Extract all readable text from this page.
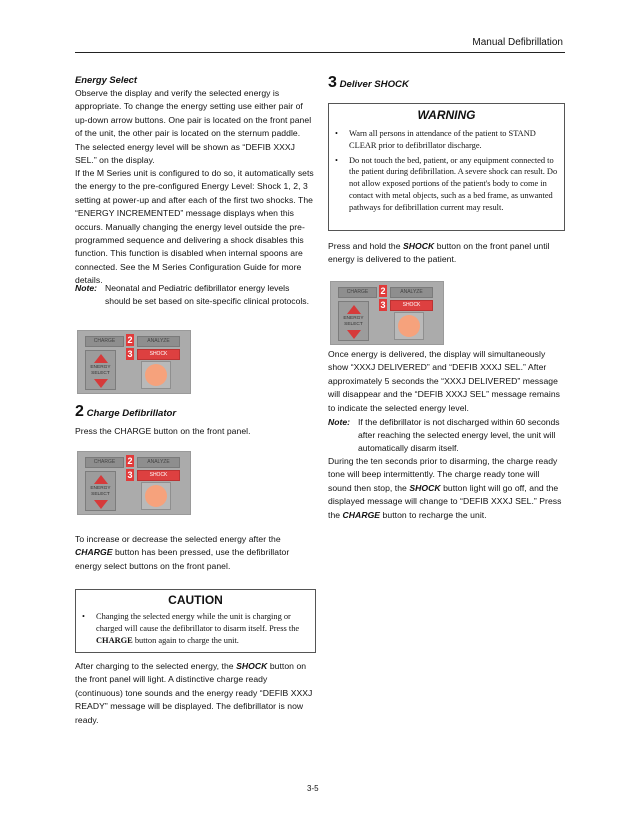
Manual Defibrillation
Energy Select

Observe the display and verify the selected energy is appropriate. To change the energy setting use either pair of up-down arrow buttons. One pair is located on the front panel of the unit, the other pair is located on the sternum paddle. The selected energy level will be shown as “DEFIB XXXJ SEL.” on the display.

If the M Series unit is configured to do so, it automatically sets the energy to the pre-configured Energy Level: Shock 1, 2, 3 setting at power-up and after each of the first two shocks. The “ENERGY INCREMENTED” message displays when this occurs. Manually changing the energy level outside the pre-programmed sequence and delivering a shock disables this function. This function is disabled when internal spoons are connected. See the M Series Configuration Guide for more details.

Note: Neonatal and Pediatric defibrillator energy levels should be set based on site-specific clinical protocols.
CHARGE	2	ANALYZE
3	SHOCK
ENERGY
SELECT
2 Charge Defibrillator

Press the CHARGE button on the front panel.

CHARGE	2	ANALYZE
3	SHOCK
ENERGY
SELECT

To increase or decrease the selected energy after the CHARGE button has been pressed, use the defibrillator energy select buttons on the front panel.

CAUTION
• Changing the selected energy while the unit is charging or charged will cause the defibrillator to disarm itself. Press the CHARGE button again to charge the unit.

After charging to the selected energy, the SHOCK button on the front panel will light. A distinctive charge ready (continuous) tone sounds and the energy ready “DEFIB XXXJ READY” message will be displayed. The defibrillator is now ready.

3 Deliver SHOCK
WARNING
• Warn all persons in attendance of the patient to STAND CLEAR prior to defibrillator discharge.
• Do not touch the bed, patient, or any equipment connected to the patient during defibrillation. A severe shock can result. Do not allow exposed portions of the patient's body to come in contact with metal objects, such as a bed frame, as unwanted pathways for defibrillation current may result.

Press and hold the SHOCK button on the front panel until energy is delivered to the patient.

CHARGE	2	ANALYZE
3	SHOCK
ENERGY
SELECT

Once energy is delivered, the display will simultaneously show “XXXJ DELIVERED” and “DEFIB XXXJ SEL.” After approximately 5 seconds the “XXXJ DELIVERED” message will disappear and the “DEFIB XXXJ SEL” message remains to indicate the selected energy level.

Note: If the defibrillator is not discharged within 60 seconds after reaching the selected energy level, the unit will automatically disarm itself.

During the ten seconds prior to disarming, the charge ready tone will beep intermittently. The charge ready tone will sound then stop, the SHOCK button light will go off, and the displayed message will change to “DEFIB XXXJ SEL.” Press the CHARGE button to recharge the unit.

3-5
